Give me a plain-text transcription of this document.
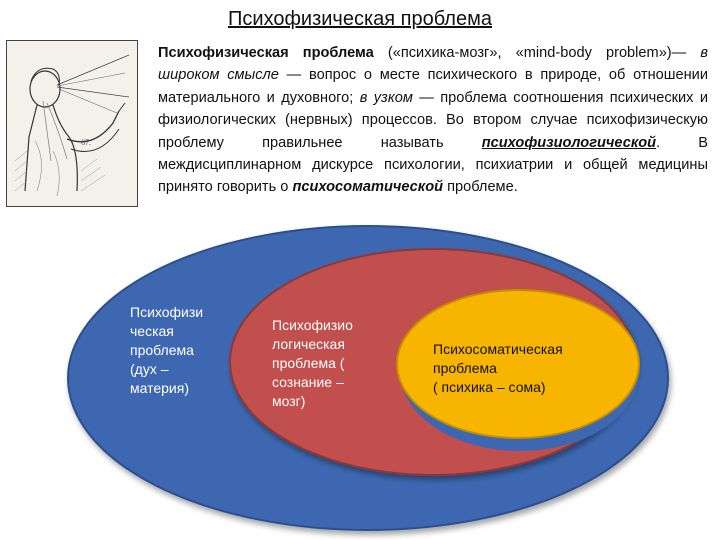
Психофизическая проблема
67.
Психофизическая проблема («психика-мозг», «mind-body problem»)— в широком смысле — вопрос о месте психического в природе, об отношении материального и духовного; в узком — проблема соотношения психических и физиологических (нервных) процессов. Во втором случае психофизическую проблему правильнее называть психофизиологической. В междисциплинарном дискурсе психологии, психиатрии и общей медицины принято говорить о психосоматической проблеме.
Психофизи
ческая
проблема
(дух –
материя)
Психофизио
логическая
проблема (
сознание –
мозг)
Психосоматическая
проблема
( психика – сома)
